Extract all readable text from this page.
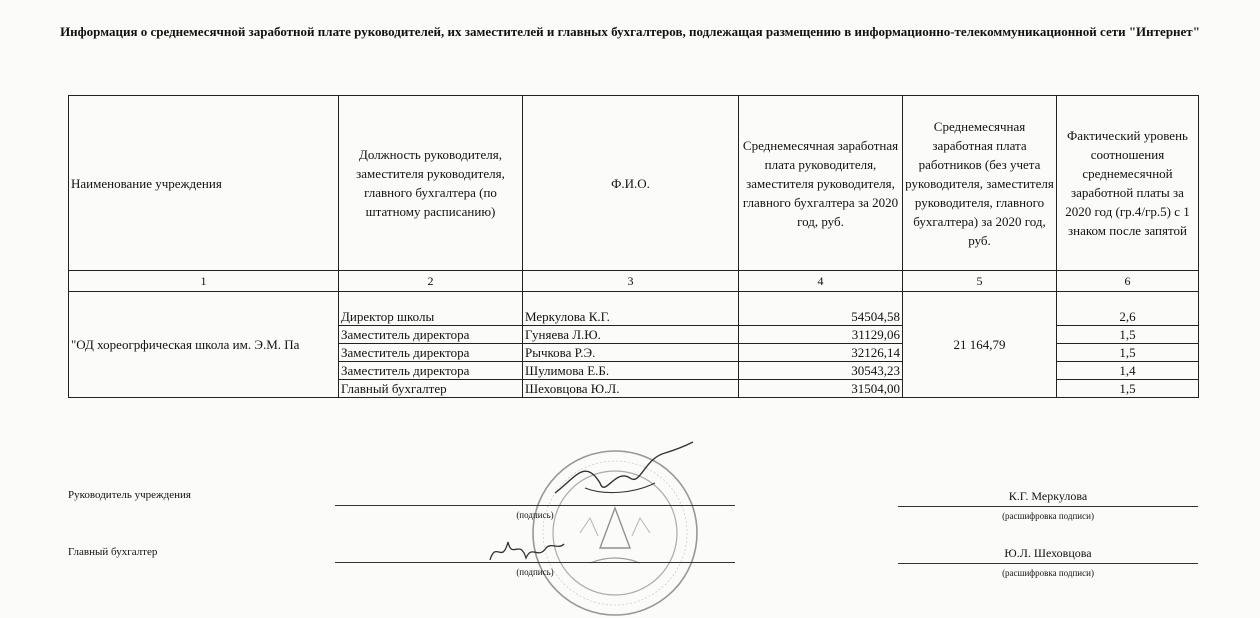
Информация о среднемесячной заработной плате руководителей, их заместителей и главных бухгалтеров, подлежащая размещению в информационно-телекоммуникационной сети "Интернет"
Наименование учреждения	Должность руководителя, заместителя руководителя, главного бухгалтера (по штатному расписанию)	Ф.И.О.	Среднемесячная заработная плата руководителя, заместителя руководителя, главного бухгалтера за 2020 год, руб.	Среднемесячная заработная плата работников (без учета руководителя, заместителя руководителя, главного бухгалтера) за 2020 год, руб.	Фактический уровень соотношения среднемесячной заработной платы за 2020 год (гр.4/гр.5) с 1 знаком после запятой
1	2	3	4	5	6
"ОД хореогрфическая школа им. Э.М. Па	Директор школы	Меркулова К.Г.	54504,58	21 164,79	2,6
	Заместитель директора	Гуняева Л.Ю.	31129,06		1,5
	Заместитель директора	Рычкова Р.Э.	32126,14		1,5
	Заместитель директора	Шулимова Е.Б.	30543,23		1,4
	Главный бухгалтер	Шеховцова Ю.Л.	31504,00		1,5
Руководитель учреждения
(подпись)
К.Г. Меркулова
(расшифровка подписи)
Главный бухгалтер
(подпись)
Ю.Л. Шеховцова
(расшифровка подписи)
